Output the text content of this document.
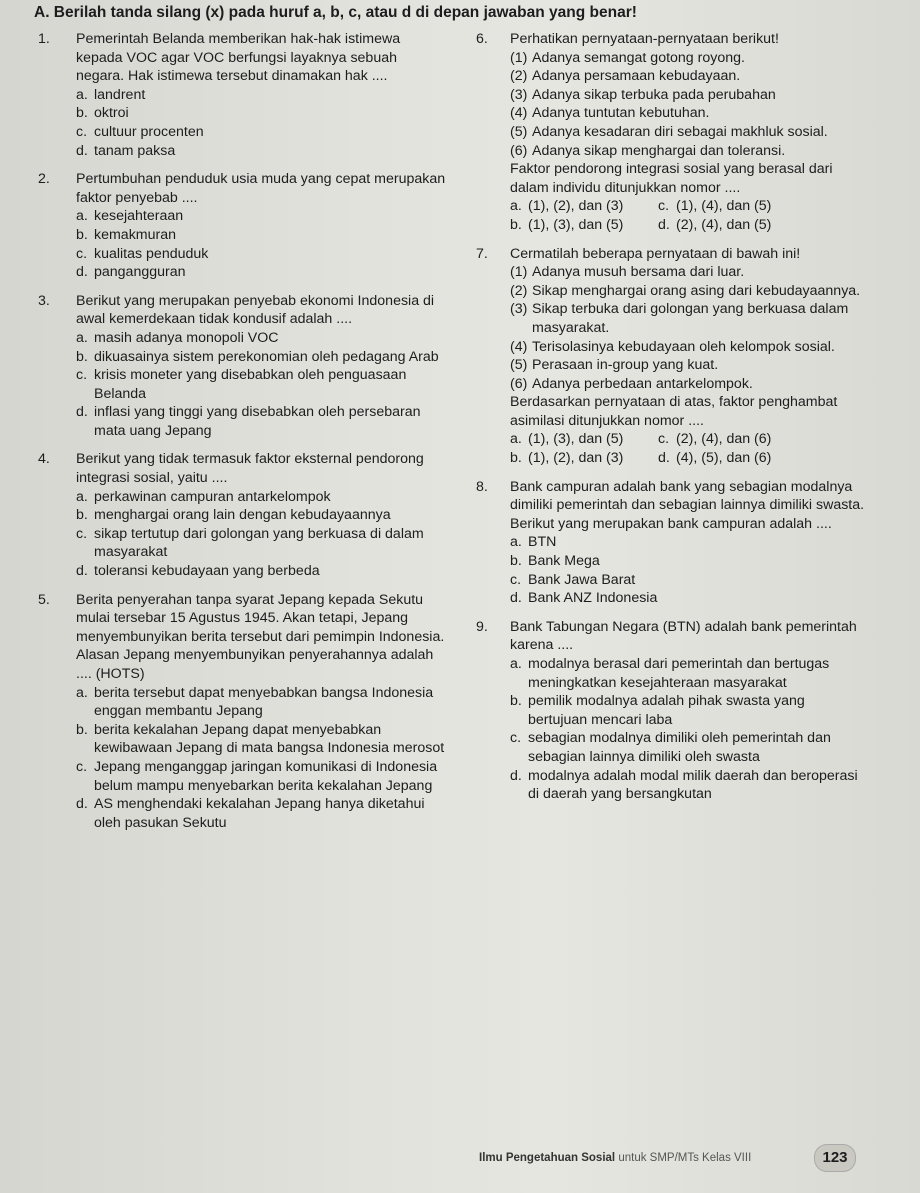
A. Berilah tanda silang (x) pada huruf a, b, c, atau d di depan jawaban yang benar!
1. Pemerintah Belanda memberikan hak-hak istimewa kepada VOC agar VOC berfungsi layaknya sebuah negara. Hak istimewa tersebut dinamakan hak ....
a. landrent
b. oktroi
c. cultuur procenten
d. tanam paksa
2. Pertumbuhan penduduk usia muda yang cepat merupakan faktor penyebab ....
a. kesejahteraan
b. kemakmuran
c. kualitas penduduk
d. pangangguran
3. Berikut yang merupakan penyebab ekonomi Indonesia di awal kemerdekaan tidak kondusif adalah ....
a. masih adanya monopoli VOC
b. dikuasainya sistem perekonomian oleh pedagang Arab
c. krisis moneter yang disebabkan oleh penguasaan Belanda
d. inflasi yang tinggi yang disebabkan oleh persebaran mata uang Jepang
4. Berikut yang tidak termasuk faktor eksternal pendorong integrasi sosial, yaitu ....
a. perkawinan campuran antarkelompok
b. menghargai orang lain dengan kebudayaannya
c. sikap tertutup dari golongan yang berkuasa di dalam masyarakat
d. toleransi kebudayaan yang berbeda
5. Berita penyerahan tanpa syarat Jepang kepada Sekutu mulai tersebar 15 Agustus 1945. Akan tetapi, Jepang menyembunyikan berita tersebut dari pemimpin Indonesia. Alasan Jepang menyembunyikan penyerahannya adalah .... (HOTS)
a. berita tersebut dapat menyebabkan bangsa Indonesia enggan membantu Jepang
b. berita kekalahan Jepang dapat menyebabkan kewibawaan Jepang di mata bangsa Indonesia merosot
c. Jepang menganggap jaringan komunikasi di Indonesia belum mampu menyebarkan berita kekalahan Jepang
d. AS menghendaki kekalahan Jepang hanya diketahui oleh pasukan Sekutu
6. Perhatikan pernyataan-pernyataan berikut!
(1) Adanya semangat gotong royong.
(2) Adanya persamaan kebudayaan.
(3) Adanya sikap terbuka pada perubahan
(4) Adanya tuntutan kebutuhan.
(5) Adanya kesadaran diri sebagai makhluk sosial.
(6) Adanya sikap menghargai dan toleransi.
Faktor pendorong integrasi sosial yang berasal dari dalam individu ditunjukkan nomor ....
a. (1), (2), dan (3)	c. (1), (4), dan (5)
b. (1), (3), dan (5)	d. (2), (4), dan (5)
7. Cermatilah beberapa pernyataan di bawah ini!
(1) Adanya musuh bersama dari luar.
(2) Sikap menghargai orang asing dari kebudayaannya.
(3) Sikap terbuka dari golongan yang berkuasa dalam masyarakat.
(4) Terisolasinya kebudayaan oleh kelompok sosial.
(5) Perasaan in-group yang kuat.
(6) Adanya perbedaan antarkelompok.
Berdasarkan pernyataan di atas, faktor penghambat asimilasi ditunjukkan nomor ....
a. (1), (3), dan (5)	c. (2), (4), dan (6)
b. (1), (2), dan (3)	d. (4), (5), dan (6)
8. Bank campuran adalah bank yang sebagian modalnya dimiliki pemerintah dan sebagian lainnya dimiliki swasta. Berikut yang merupakan bank campuran adalah ....
a. BTN
b. Bank Mega
c. Bank Jawa Barat
d. Bank ANZ Indonesia
9. Bank Tabungan Negara (BTN) adalah bank pemerintah karena ....
a. modalnya berasal dari pemerintah dan bertugas meningkatkan kesejahteraan masyarakat
b. pemilik modalnya adalah pihak swasta yang bertujuan mencari laba
c. sebagian modalnya dimiliki oleh pemerintah dan sebagian lainnya dimiliki oleh swasta
d. modalnya adalah modal milik daerah dan beroperasi di daerah yang bersangkutan
Ilmu Pengetahuan Sosial untuk SMP/MTs Kelas VIII	123
